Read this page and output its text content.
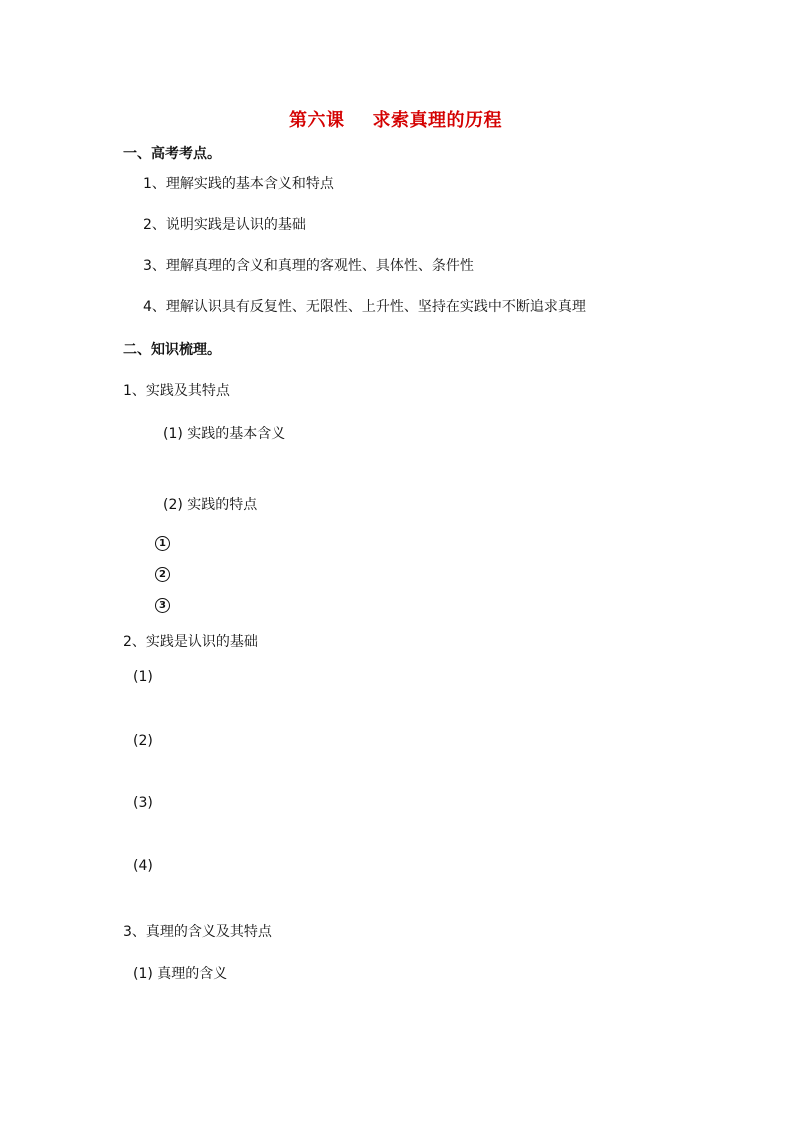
第六课 求索真理的历程
一、高考考点。
1、理解实践的基本含义和特点
2、说明实践是认识的基础
3、理解真理的含义和真理的客观性、具体性、条件性
4、理解认识具有反复性、无限性、上升性、坚持在实践中不断追求真理
二、知识梳理。
1、实践及其特点
(1) 实践的基本含义
(2) 实践的特点
1
2
3
2、实践是认识的基础
(1)
(2)
(3)
(4)
3、真理的含义及其特点
(1) 真理的含义
